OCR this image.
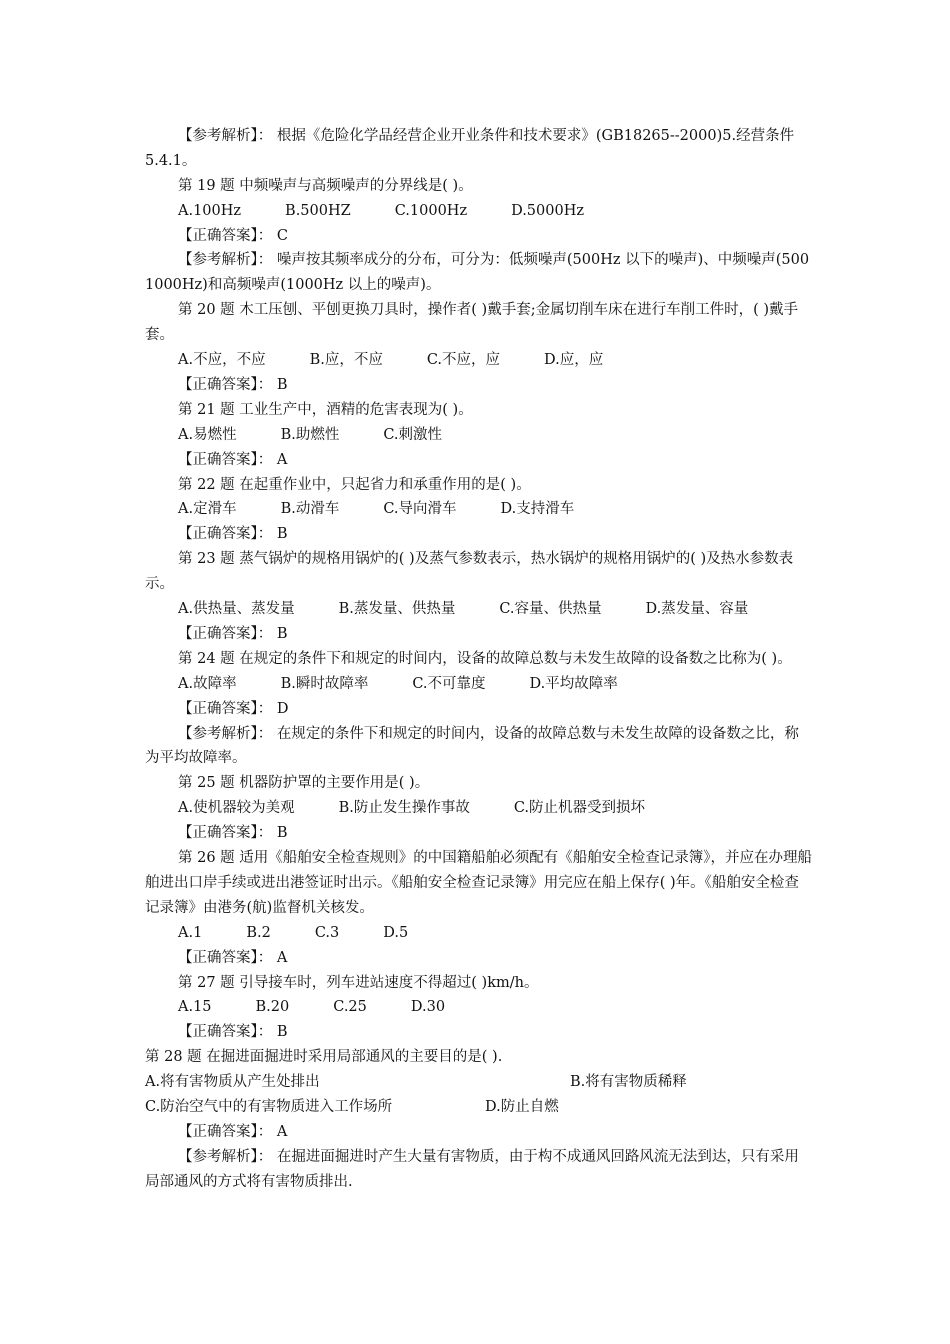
【参考解析】： 根据《危险化学品经营企业开业条件和技术要求》(GB18265--2000)5.经营条件5.4.1。
第 19 题 中频噪声与高频噪声的分界线是( )。
A.100Hz	B.500HZ	C.1000Hz	D.5000Hz
【正确答案】： C
【参考解析】： 噪声按其频率成分的分布，可分为：低频噪声(500Hz 以下的噪声)、中频噪声(500 1000Hz)和高频噪声(1000Hz 以上的噪声)。
第 20 题 木工压刨、平刨更换刀具时，操作者( )戴手套;金属切削车床在进行车削工件时，( )戴手套。
A.不应，不应	B.应，不应	C.不应，应	D.应，应
【正确答案】： B
第 21 题 工业生产中，酒精的危害表现为( )。
A.易燃性	B.助燃性	C.刺激性
【正确答案】： A
第 22 题 在起重作业中，只起省力和承重作用的是( )。
A.定滑车	B.动滑车	C.导向滑车	D.支持滑车
【正确答案】： B
第 23 题 蒸气锅炉的规格用锅炉的( )及蒸气参数表示，热水锅炉的规格用锅炉的( )及热水参数表示。
A.供热量、蒸发量	B.蒸发量、供热量	C.容量、供热量	D.蒸发量、容量
【正确答案】： B
第 24 题 在规定的条件下和规定的时间内，设备的故障总数与未发生故障的设备数之比称为( )。
A.故障率	B.瞬时故障率	C.不可靠度	D.平均故障率
【正确答案】： D
【参考解析】： 在规定的条件下和规定的时间内，设备的故障总数与未发生故障的设备数之比，称为平均故障率。
第 25 题 机器防护罩的主要作用是( )。
A.使机器较为美观	B.防止发生操作事故	C.防止机器受到损坏
【正确答案】： B
第 26 题 适用《船舶安全检查规则》的中国籍船舶必须配有《船舶安全检查记录簿》，并应在办理船舶进出口岸手续或进出港签证时出示。《船舶安全检查记录簿》用完应在船上保存( )年。《船舶安全检查记录簿》由港务(航)监督机关核发。
A.1	B.2	C.3	D.5
【正确答案】： A
第 27 题 引导接车时，列车进站速度不得超过( )km/h。
A.15	B.20	C.25	D.30
【正确答案】： B
第 28 题 在掘进面掘进时采用局部通风的主要目的是( ).
A.将有害物质从产生处排出	B.将有害物质稀释
C.防治空气中的有害物质进入工作场所	D.防止自燃
【正确答案】： A
【参考解析】： 在掘进面掘进时产生大量有害物质，由于构不成通风回路风流无法到达，只有采用局部通风的方式将有害物质排出.
